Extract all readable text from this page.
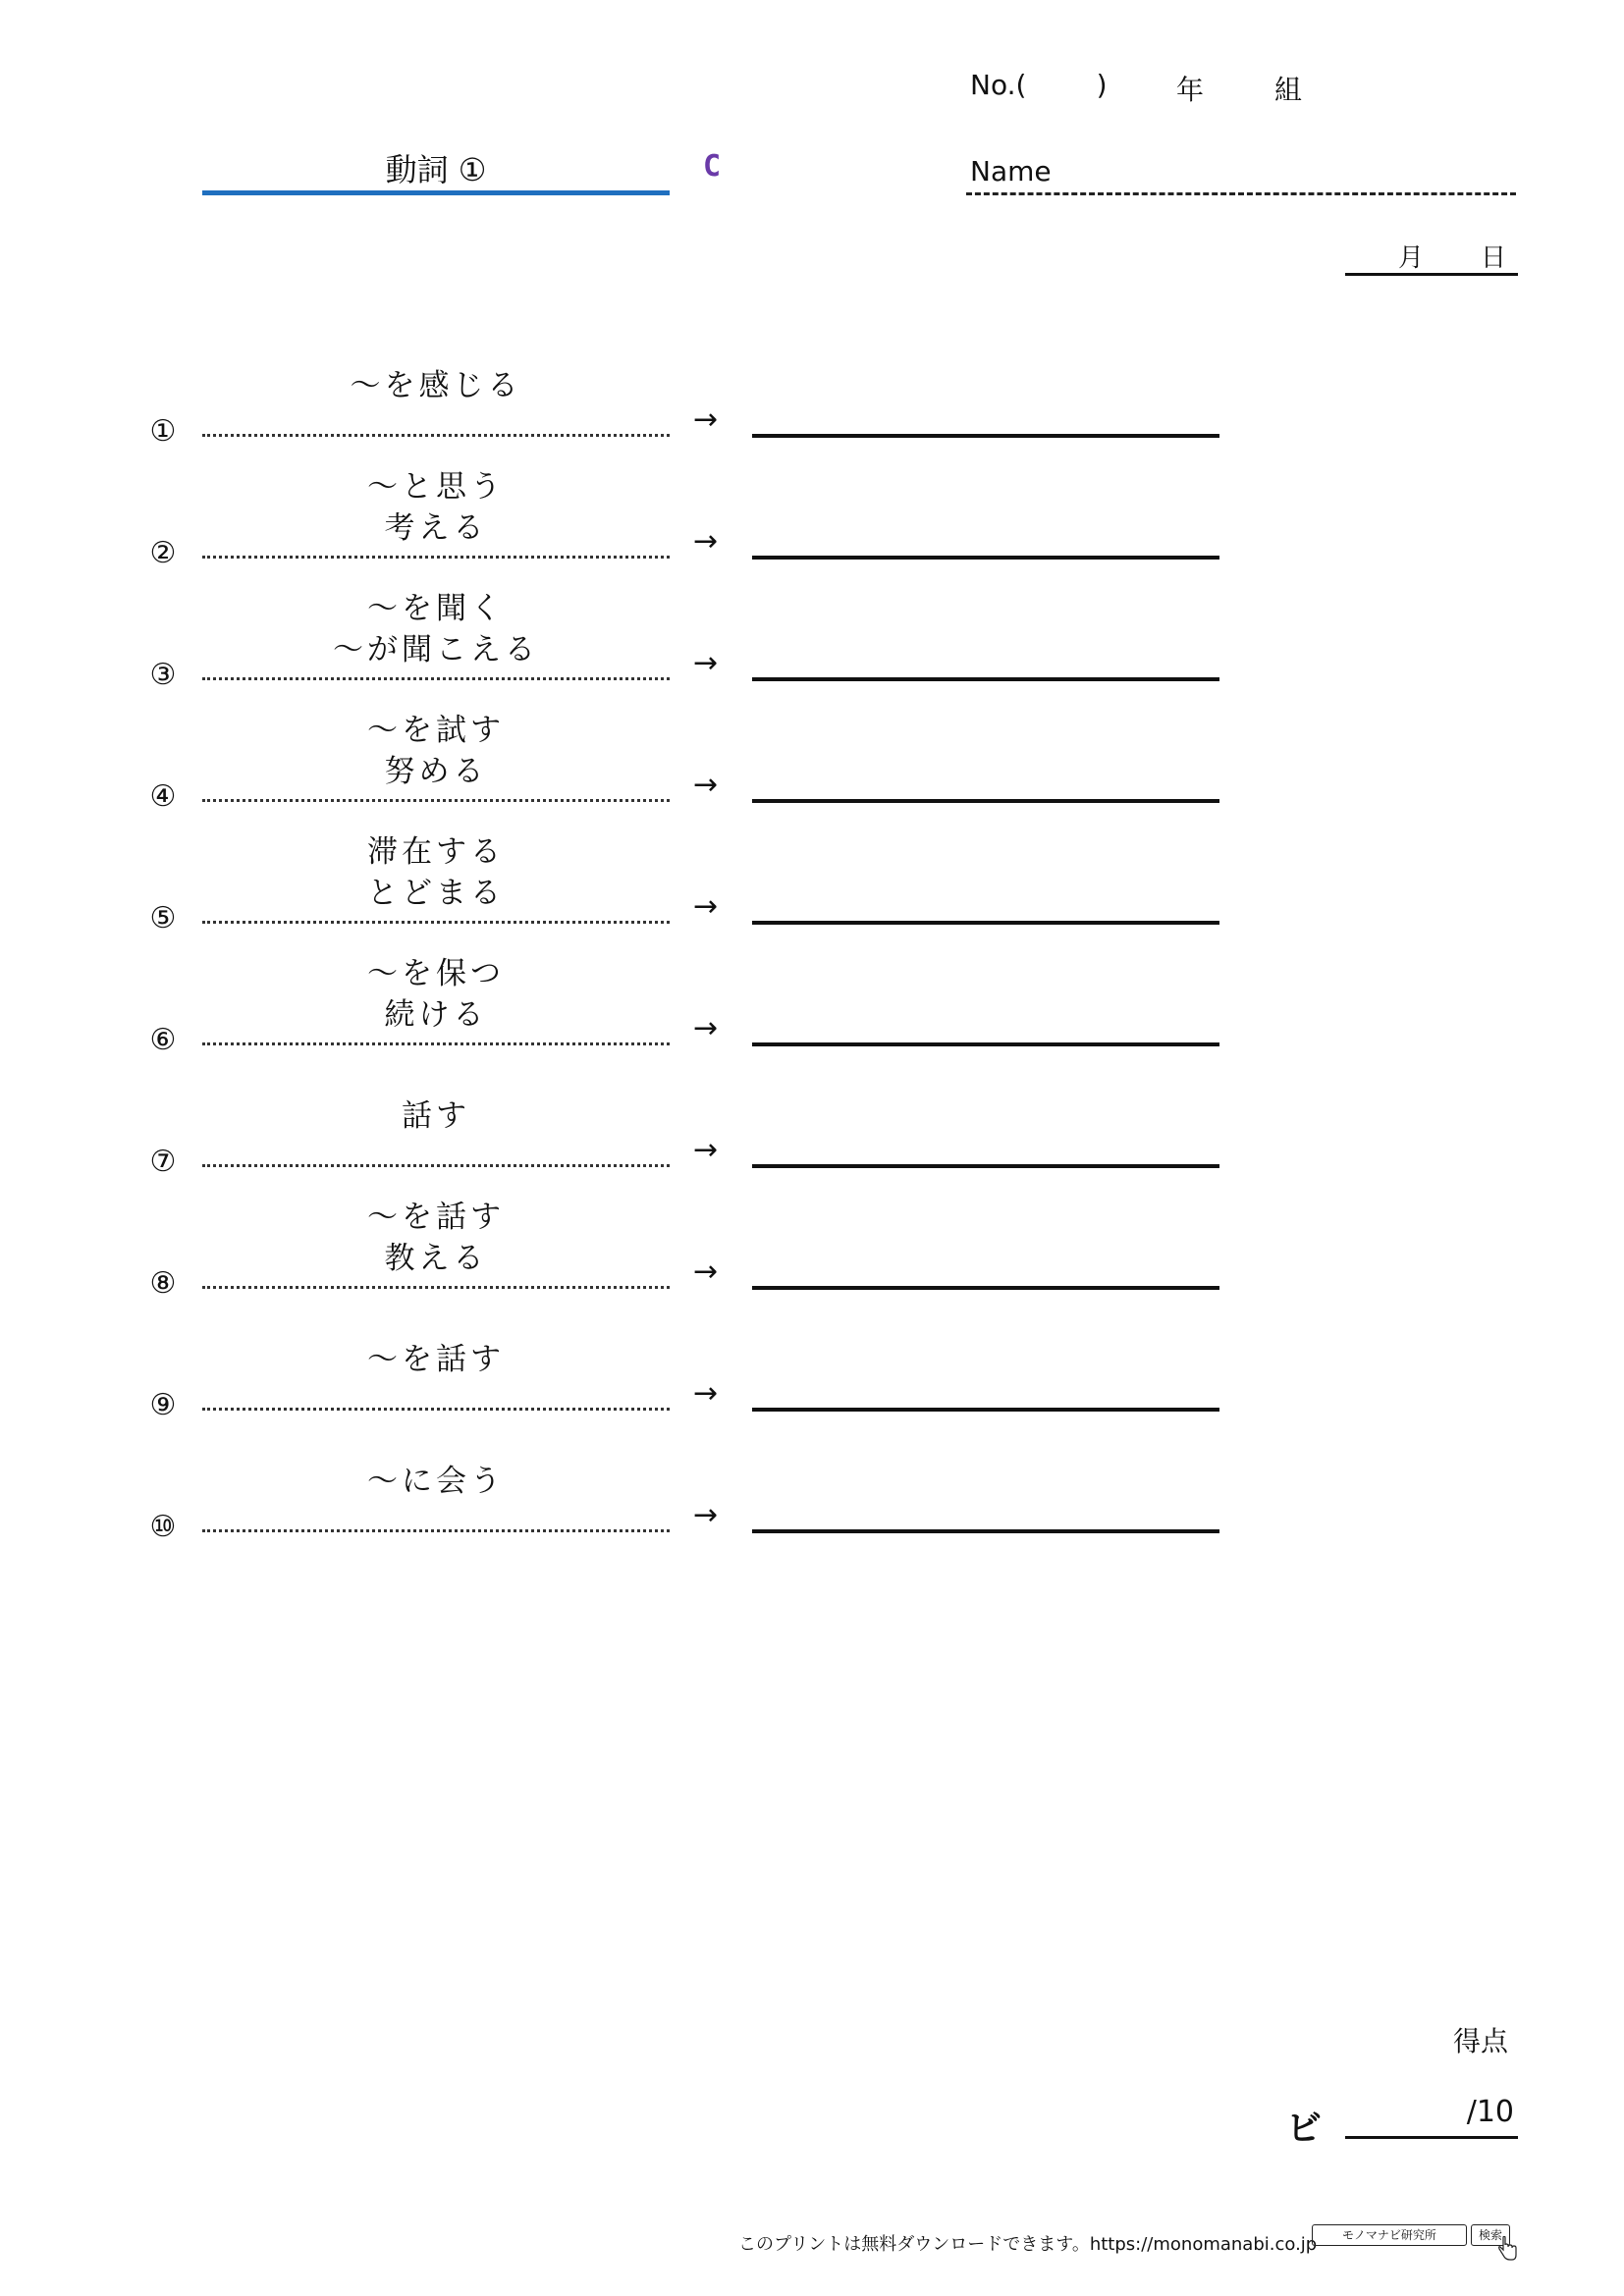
No.(        )	年	組
動詞 ①	C	Name
月 日
①
～を感じる
→
②
～と思う
考える	→
③
～を聞く
～が聞こえる	→
④
～を試す
努める	→
⑤
滞在する
とどまる	→
⑥
～を保つ
続ける	→
⑦
話す
→
⑧
～を話す
教える	→
⑨
～を話す
→
⑩
～に会う
→
得点
ビ	/10
このプリントは無料ダウンロードできます。https://monomanabi.co.jp	モノマナビ研究所	検索
